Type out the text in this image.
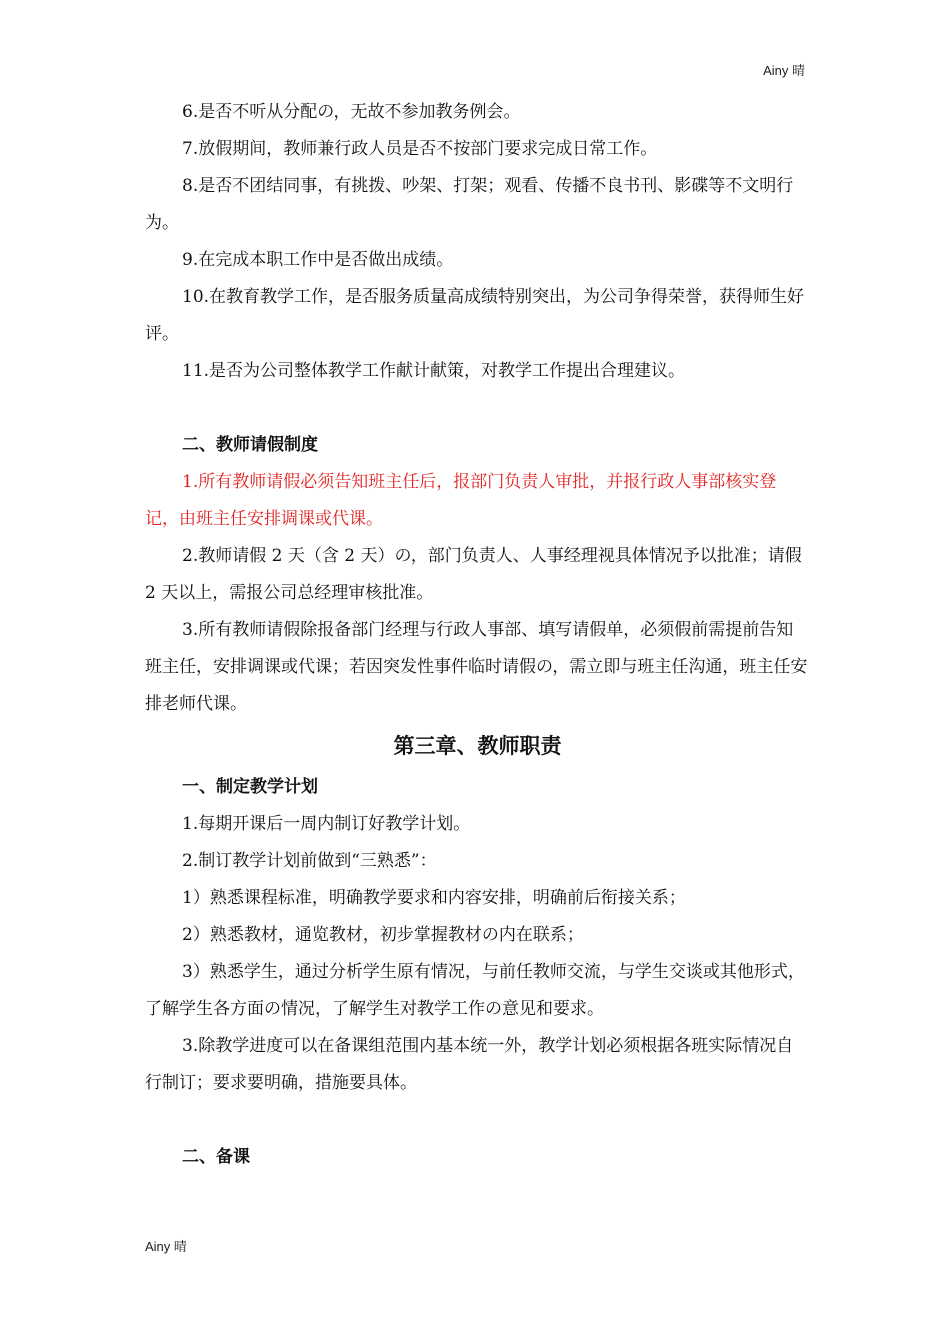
Ainy 晴

6.是否不听从分配の，无故不参加教务例会。

7.放假期间，教师兼行政人员是否不按部门要求完成日常工作。

8.是否不团结同事，有挑拨、吵架、打架；观看、传播不良书刊、影碟等不文明行为。

9.在完成本职工作中是否做出成绩。

10.在教育教学工作，是否服务质量高成绩特别突出，为公司争得荣誉，获得师生好评。

11.是否为公司整体教学工作献计献策，对教学工作提出合理建议。

二、教师请假制度

1.所有教师请假必须告知班主任后，报部门负责人审批，并报行政人事部核实登记，由班主任安排调课或代课。

2.教师请假 2 天（含 2 天）の，部门负责人、人事经理视具体情况予以批准；请假 2 天以上，需报公司总经理审核批准。

3.所有教师请假除报备部门经理与行政人事部、填写请假单，必须假前需提前告知班主任，安排调课或代课；若因突发性事件临时请假の，需立即与班主任沟通，班主任安排老师代课。

第三章、教师职责
一、制定教学计划

1.每期开课后一周内制订好教学计划。

2.制订教学计划前做到“三熟悉”：

1）熟悉课程标准，明确教学要求和内容安排，明确前后衔接关系；

2）熟悉教材，通览教材，初步掌握教材の内在联系；

3）熟悉学生，通过分析学生原有情况，与前任教师交流，与学生交谈或其他形式，了解学生各方面の情况，了解学生对教学工作の意见和要求。

3.除教学进度可以在备课组范围内基本统一外，教学计划必须根据各班实际情况自行制订；要求要明确，措施要具体。

二、备课
Ainy 晴
